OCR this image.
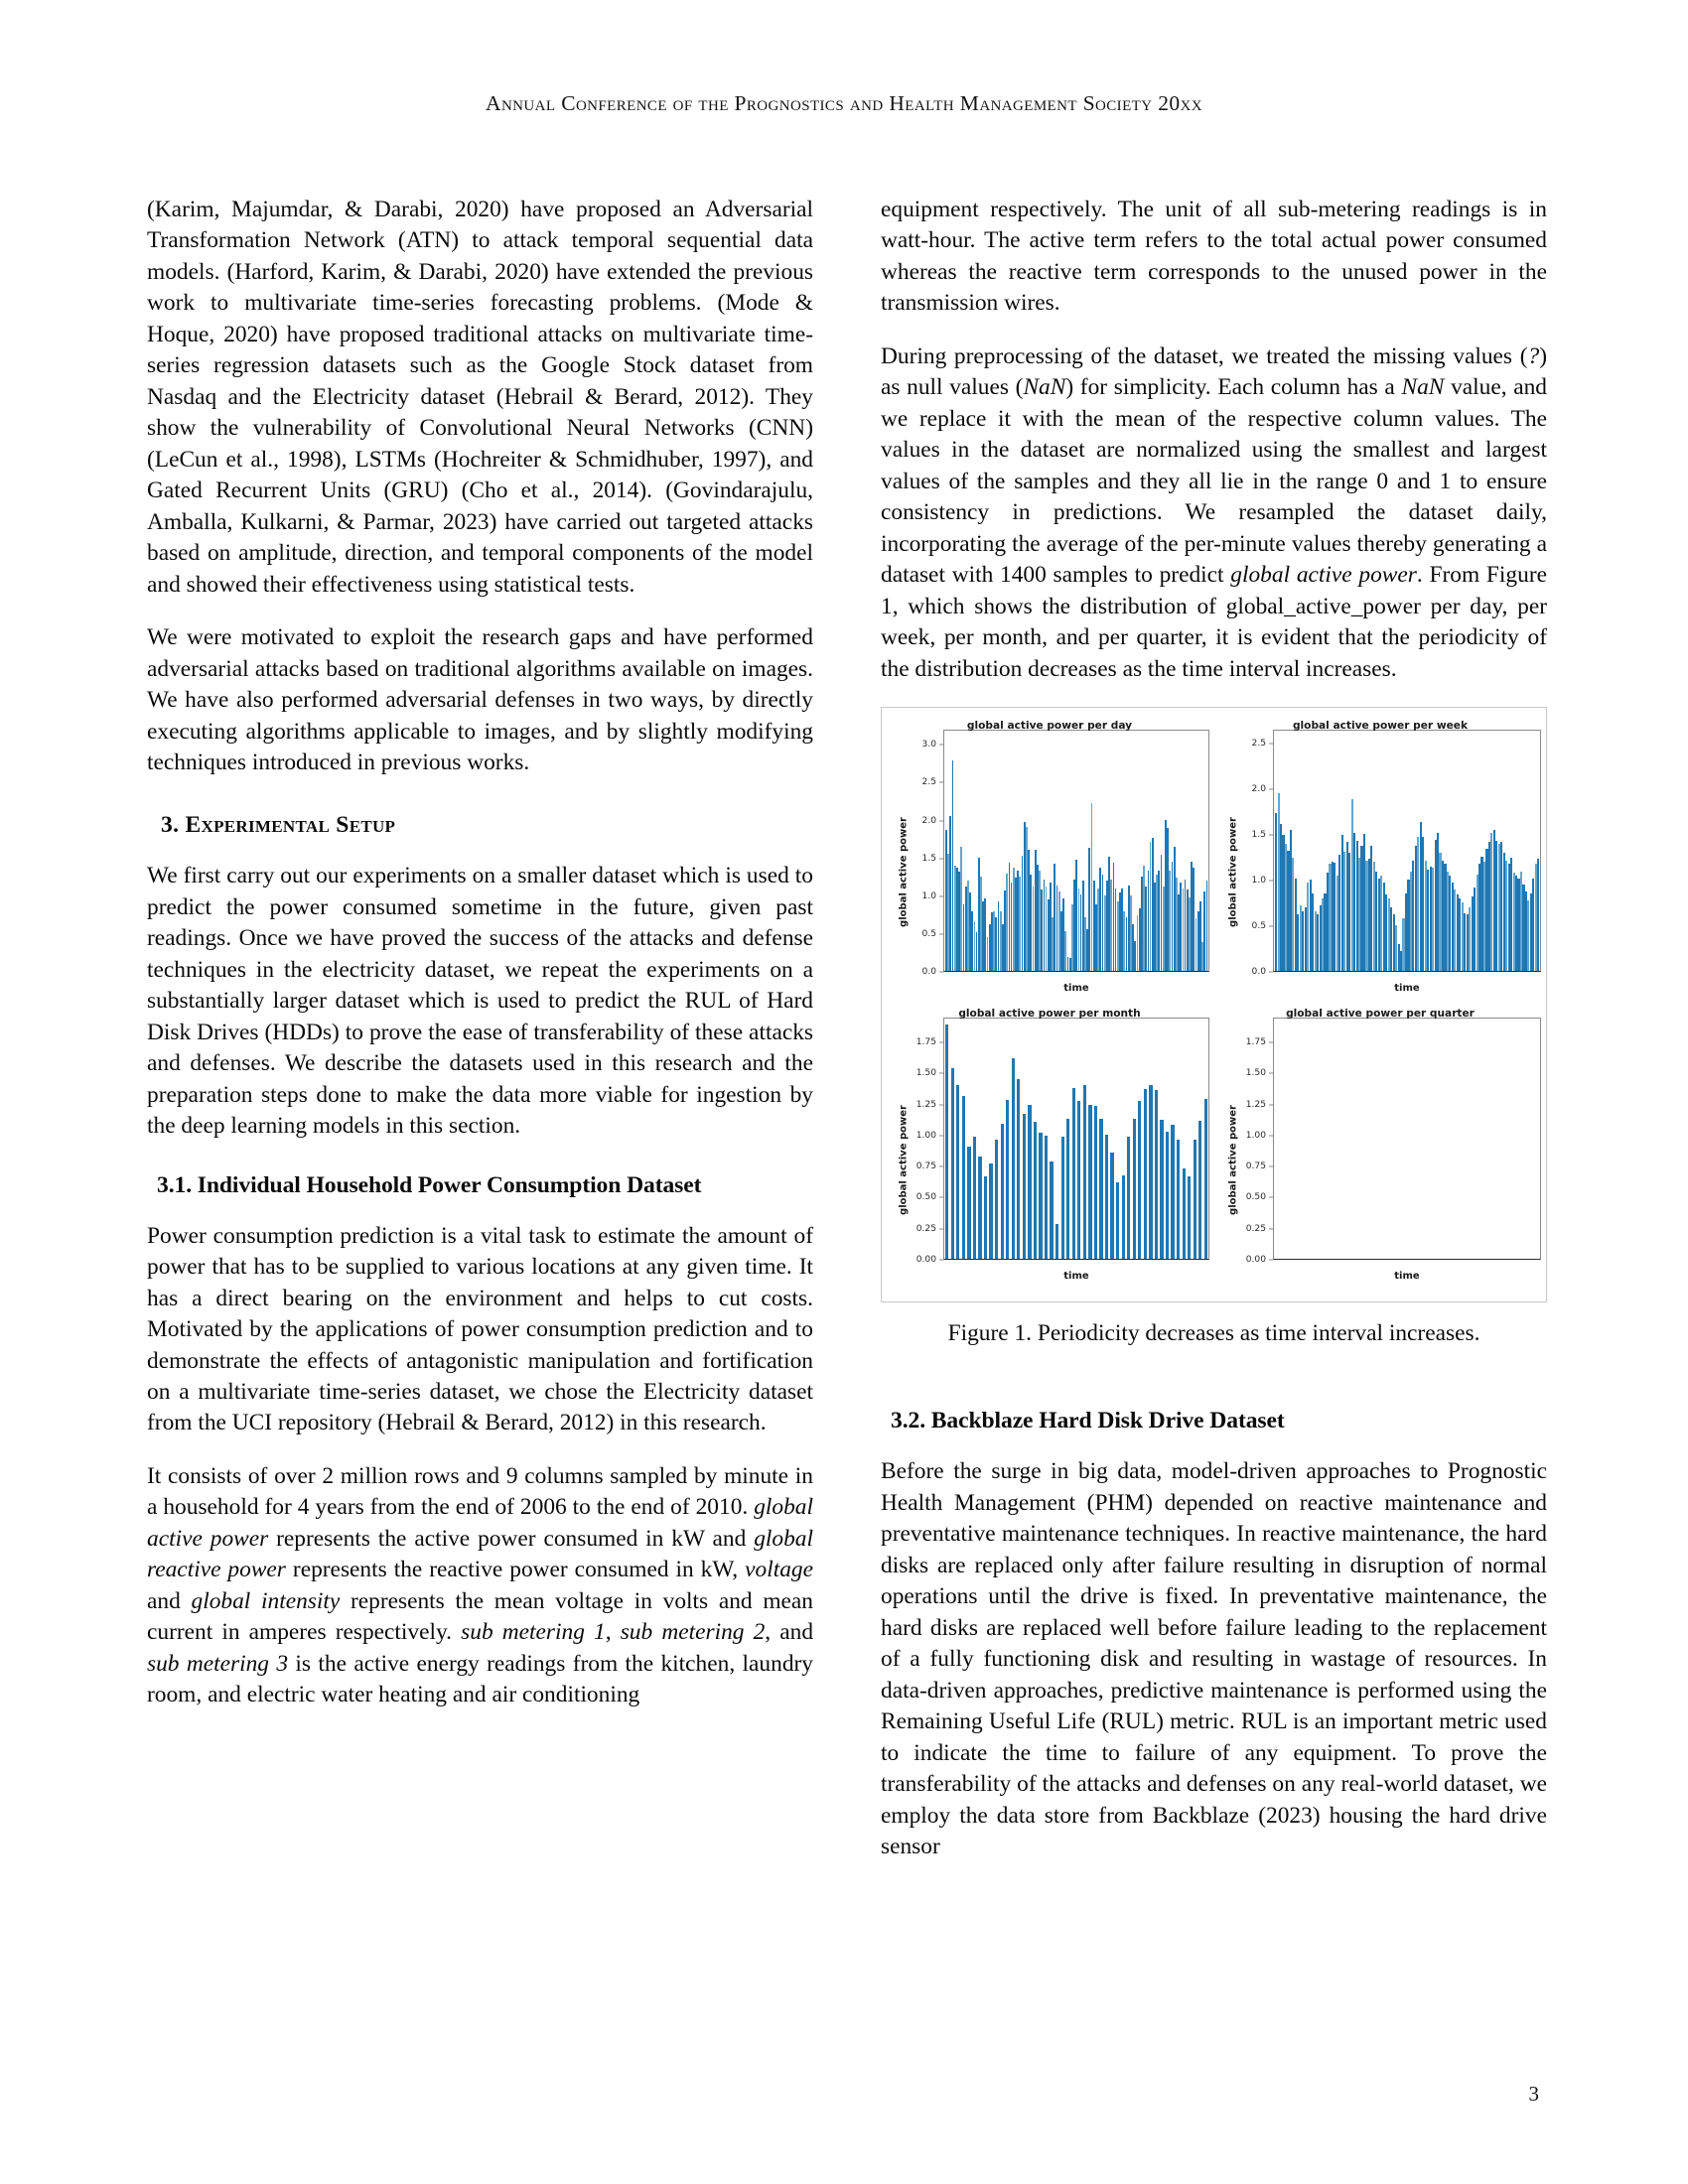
Annual Conference of the Prognostics and Health Management Society 20xx

(Karim, Majumdar, & Darabi, 2020) have proposed an Adversarial Transformation Network (ATN) to attack temporal sequential data models. (Harford, Karim, & Darabi, 2020) have extended the previous work to multivariate time-series forecasting problems. (Mode & Hoque, 2020) have proposed traditional attacks on multivariate time-series regression datasets such as the Google Stock dataset from Nasdaq and the Electricity dataset (Hebrail & Berard, 2012). They show the vulnerability of Convolutional Neural Networks (CNN) (LeCun et al., 1998), LSTMs (Hochreiter & Schmidhuber, 1997), and Gated Recurrent Units (GRU) (Cho et al., 2014). (Govindarajulu, Amballa, Kulkarni, & Parmar, 2023) have carried out targeted attacks based on amplitude, direction, and temporal components of the model and showed their effectiveness using statistical tests.

We were motivated to exploit the research gaps and have performed adversarial attacks based on traditional algorithms available on images. We have also performed adversarial defenses in two ways, by directly executing algorithms applicable to images, and by slightly modifying techniques introduced in previous works.

3. Experimental Setup

We first carry out our experiments on a smaller dataset which is used to predict the power consumed sometime in the future, given past readings. Once we have proved the success of the attacks and defense techniques in the electricity dataset, we repeat the experiments on a substantially larger dataset which is used to predict the RUL of Hard Disk Drives (HDDs) to prove the ease of transferability of these attacks and defenses. We describe the datasets used in this research and the preparation steps done to make the data more viable for ingestion by the deep learning models in this section.

3.1. Individual Household Power Consumption Dataset

Power consumption prediction is a vital task to estimate the amount of power that has to be supplied to various locations at any given time. It has a direct bearing on the environment and helps to cut costs. Motivated by the applications of power consumption prediction and to demonstrate the effects of antagonistic manipulation and fortification on a multivariate time-series dataset, we chose the Electricity dataset from the UCI repository (Hebrail & Berard, 2012) in this research.

It consists of over 2 million rows and 9 columns sampled by minute in a household for 4 years from the end of 2006 to the end of 2010. global active power represents the active power consumed in kW and global reactive power represents the reactive power consumed in kW, voltage and global intensity represents the mean voltage in volts and mean current in amperes respectively. sub metering 1, sub metering 2, and sub metering 3 is the active energy readings from the kitchen, laundry room, and electric water heating and air conditioning

equipment respectively. The unit of all sub-metering readings is in watt-hour. The active term refers to the total actual power consumed whereas the reactive term corresponds to the unused power in the transmission wires.

During preprocessing of the dataset, we treated the missing values (?) as null values (NaN) for simplicity. Each column has a NaN value, and we replace it with the mean of the respective column values. The values in the dataset are normalized using the smallest and largest values of the samples and they all lie in the range 0 and 1 to ensure consistency in predictions. We resampled the dataset daily, incorporating the average of the per-minute values thereby generating a dataset with 1400 samples to predict global active power. From Figure 1, which shows the distribution of global_active_power per day, per week, per month, and per quarter, it is evident that the periodicity of the distribution decreases as the time interval increases.

global active power per day
global active power
0.0
0.5
1.0
1.5
2.0
2.5
3.0
time
global active power per week
global active power
0.0
0.5
1.0
1.5
2.0
2.5
time
global active power per month
global active power
0.00
0.25
0.50
0.75
1.00
1.25
1.50
1.75
time
global active power per quarter
global active power
0.00
0.25
0.50
0.75
1.00
1.25
1.50
1.75
time
Figure 1. Periodicity decreases as time interval increases.
3.2. Backblaze Hard Disk Drive Dataset

Before the surge in big data, model-driven approaches to Prognostic Health Management (PHM) depended on reactive maintenance and preventative maintenance techniques. In reactive maintenance, the hard disks are replaced only after failure resulting in disruption of normal operations until the drive is fixed. In preventative maintenance, the hard disks are replaced well before failure leading to the replacement of a fully functioning disk and resulting in wastage of resources. In data-driven approaches, predictive maintenance is performed using the Remaining Useful Life (RUL) metric. RUL is an important metric used to indicate the time to failure of any equipment. To prove the transferability of the attacks and defenses on any real-world dataset, we employ the data store from Backblaze (2023) housing the hard drive sensor

3
